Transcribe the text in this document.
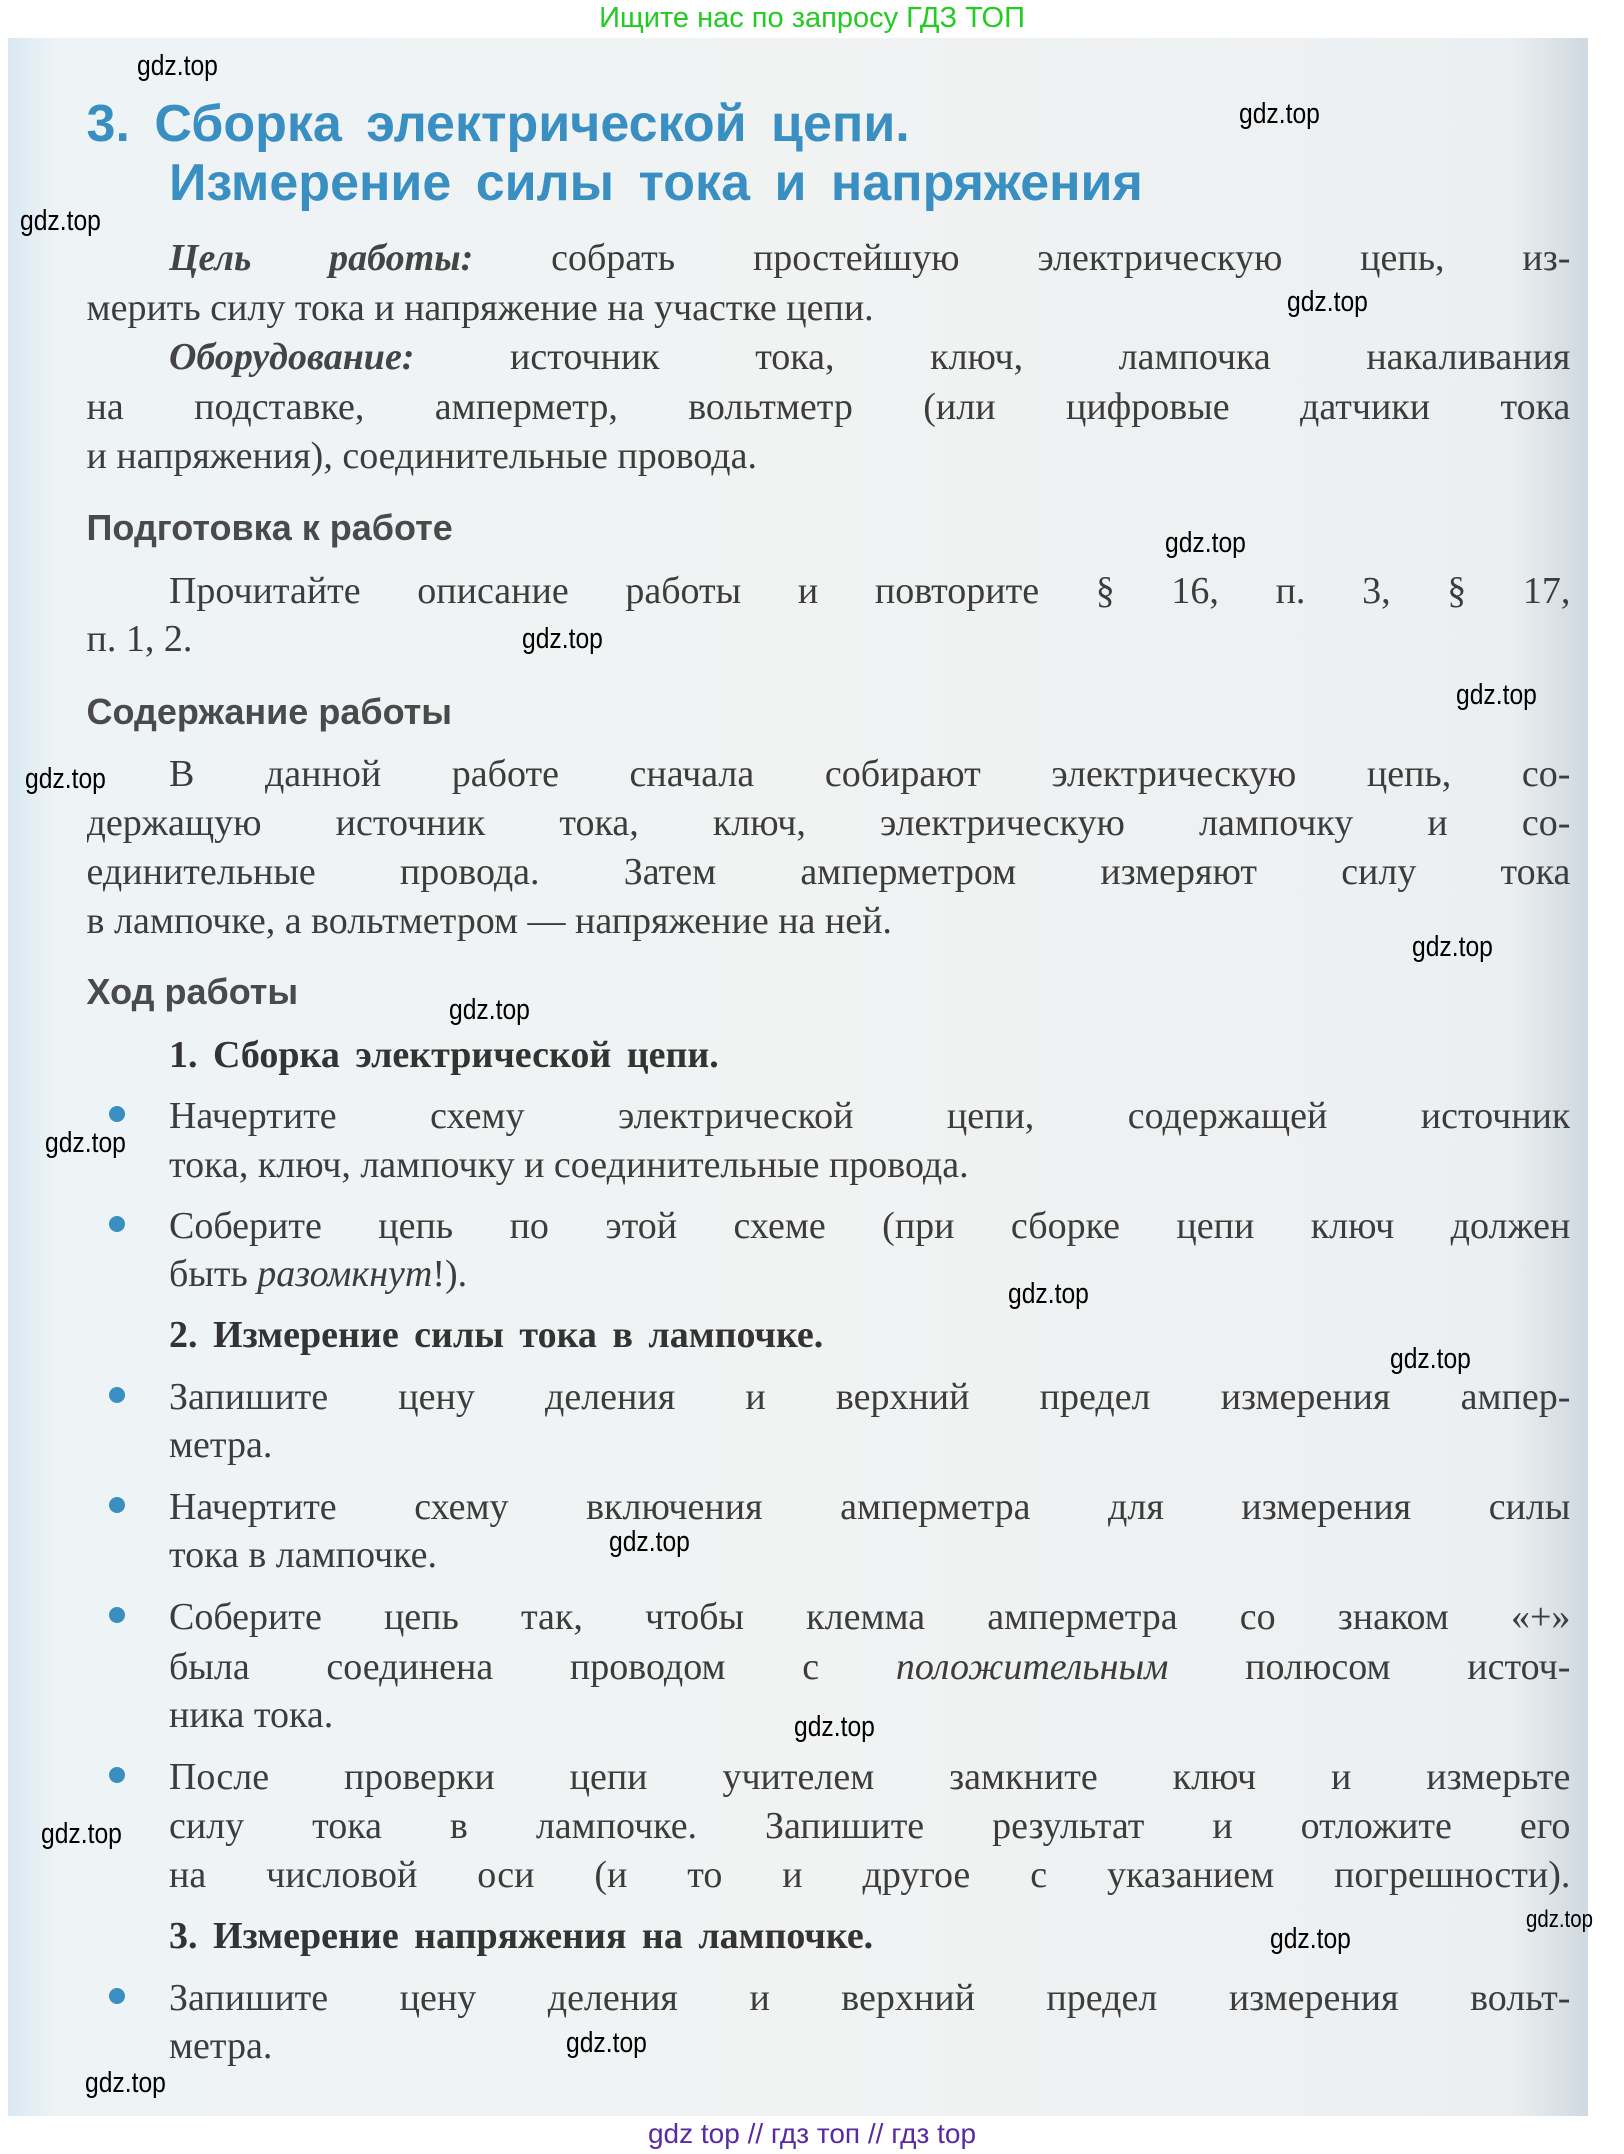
Ищите нас по запросу ГДЗ ТОП
3. Сборка электрической цепи.
Измерение силы тока и напряжения
Цель работы: собрать простейшую электрическую цепь, из-
мерить силу тока и напряжение на участке цепи.
Оборудование: источник тока, ключ, лампочка накаливания
на подставке, амперметр, вольтметр (или цифровые датчики тока
и напряжения), соединительные провода.
Подготовка к работе
Прочитайте описание работы и повторите § 16, п. 3, § 17,
п. 1, 2.
Содержание работы
В данной работе сначала собирают электрическую цепь, со-
держащую источник тока, ключ, электрическую лампочку и со-
единительные провода. Затем амперметром измеряют силу тока
в лампочке, а вольтметром — напряжение на ней.
Ход работы
1. Сборка электрической цепи.
Начертите схему электрической цепи, содержащей источник
тока, ключ, лампочку и соединительные провода.
Соберите цепь по этой схеме (при сборке цепи ключ должен
быть разомкнут!).
2. Измерение силы тока в лампочке.
Запишите цену деления и верхний предел измерения ампер-
метра.
Начертите схему включения амперметра для измерения силы
тока в лампочке.
Соберите цепь так, чтобы клемма амперметра со знаком «+»
была соединена проводом с положительным полюсом источ-
ника тока.
После проверки цепи учителем замкните ключ и измерьте
силу тока в лампочке. Запишите результат и отложите его
на числовой оси (и то и другое с указанием погрешности).
3. Измерение напряжения на лампочке.
Запишите цену деления и верхний предел измерения вольт-
метра.
gdz.top
gdz.top
gdz.top
gdz.top
gdz.top
gdz.top
gdz.top
gdz.top
gdz.top
gdz.top
gdz.top
gdz.top
gdz.top
gdz.top
gdz.top
gdz.top
gdz.top
gdz.top
gdz.top
gdz.top
gdz top // гдз топ // гдз top
